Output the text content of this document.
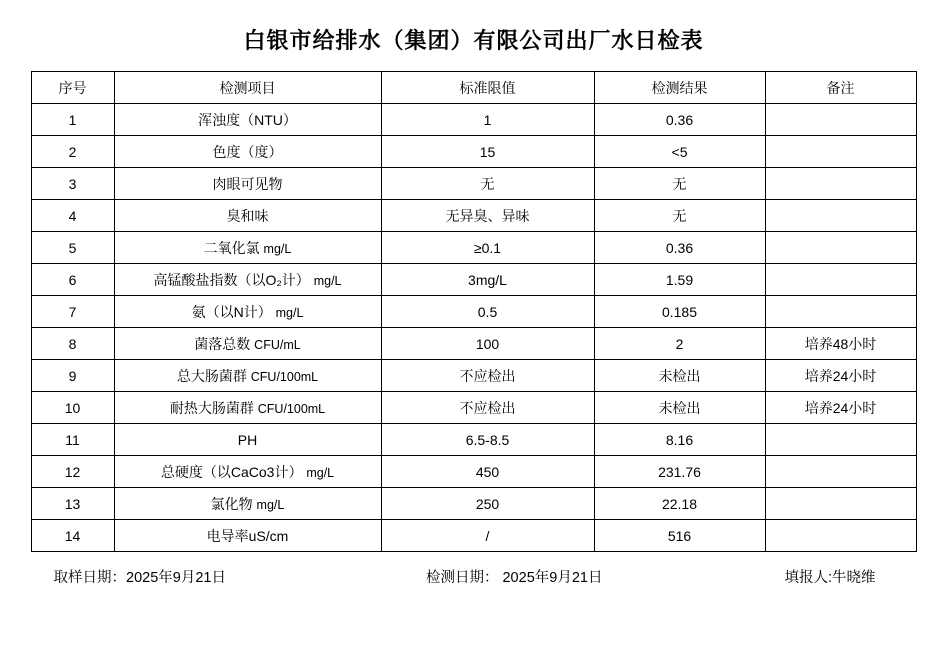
白银市给排水（集团）有限公司出厂水日检表
序号	检测项目	标准限值	检测结果	备注
1	浑浊度（NTU）	1	0.36	
2	色度（度）	15	<5	
3	肉眼可见物	无	无	
4	臭和味	无异臭、异味	无	
5	二氧化氯 mg/L	≥0.1	0.36	
6	高锰酸盐指数（以O₂计） mg/L	3mg/L	1.59	
7	氨（以N计） mg/L	0.5	0.185	
8	菌落总数 CFU/mL	100	2	培养48小时
9	总大肠菌群 CFU/100mL	不应检出	未检出	培养24小时
10	耐热大肠菌群 CFU/100mL	不应检出	未检出	培养24小时
11	PH	6.5-8.5	8.16	
12	总硬度（以CaCo3计） mg/L	450	231.76	
13	氯化物 mg/L	250	22.18	
14	电导率uS/cm	/	516	
取样日期：2025年9月21日	检测日期： 2025年9月21日	填报人:牛晓维
